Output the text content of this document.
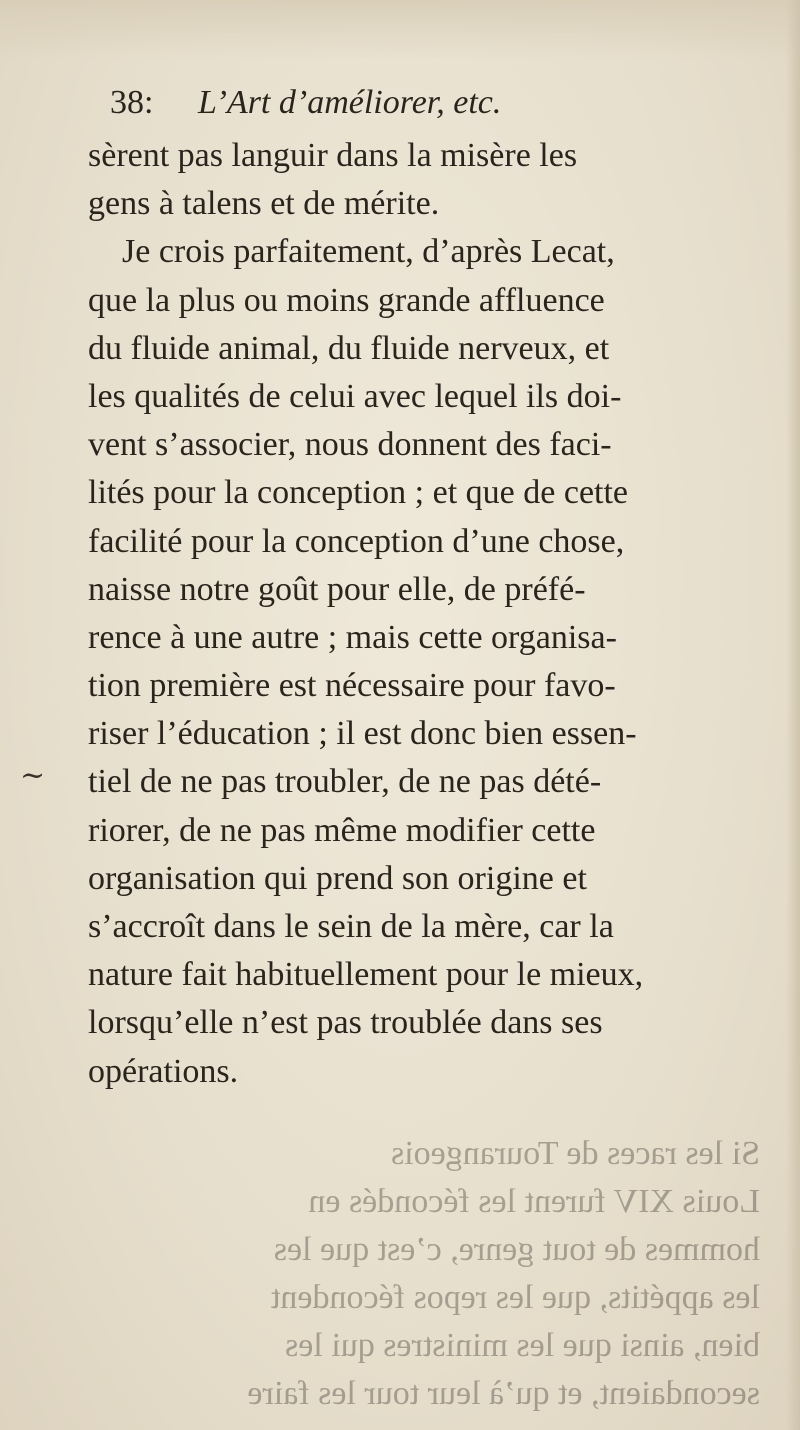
38: L’Art d’améliorer, etc.
~
sèrent pas languir dans la misère les
gens à talens et de mérite.
Je crois parfaitement, d’après Lecat,
que la plus ou moins grande affluence
du fluide animal, du fluide nerveux, et
les qualités de celui avec lequel ils doi-
vent s’associer, nous donnent des faci-
lités pour la conception ; et que de cette
facilité pour la conception d’une chose,
naisse notre goût pour elle, de préfé-
rence à une autre ; mais cette organisa-
tion première est nécessaire pour favo-
riser l’éducation ; il est donc bien essen-
tiel de ne pas troubler, de ne pas dété-
riorer, de ne pas même modifier cette
organisation qui prend son origine et
s’accroît dans le sein de la mère, car la
nature fait habituellement pour le mieux,
lorsqu’elle n’est pas troublée dans ses
opérations.
Si les races de Tourangeois
Louis XIV furent les fécondés en
hommes de tout genre, c’est que les
les appétits, que les repos fécondent
bien, ainsi que les ministres qui les
secondaient, et qu’à leur tour les faire
